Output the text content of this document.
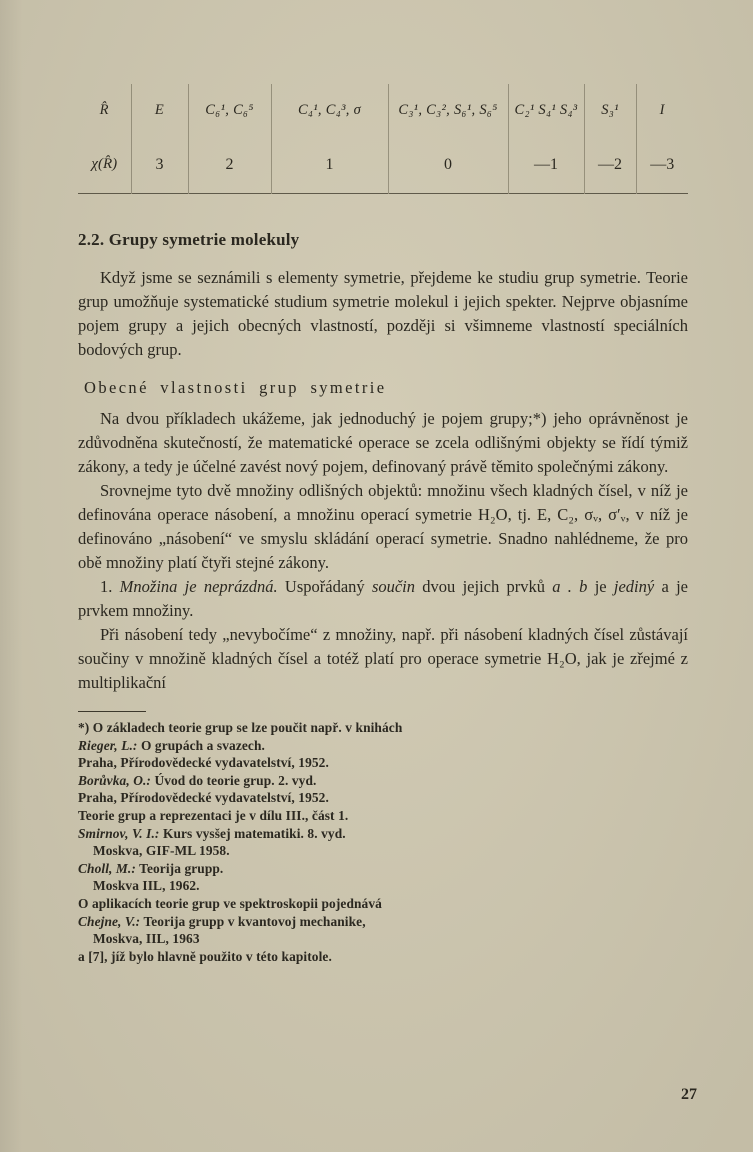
R̂	E	C₆¹, C₆⁵	C₄¹, C₄³, σ	C₃¹, C₃², S₆¹, S₆⁵	C₂¹ S₄¹ S₄³	S₃¹	I
χ(R̂)	3	2	1	0	—1	—2	—3
2.2. Grupy symetrie molekuly

Když jsme se seznámili s elementy symetrie, přejdeme ke studiu grup symetrie. Teorie grup umožňuje systematické studium symetrie molekul i jejich spekter. Nejprve objasníme pojem grupy a jejich obecných vlastností, později si všimneme vlastností speciálních bodových grup.

Obecné vlastnosti grup symetrie

Na dvou příkladech ukážeme, jak jednoduchý je pojem grupy;*) jeho oprávněnost je zdůvodněna skutečností, že matematické operace se zcela odlišnými objekty se řídí týmiž zákony, a tedy je účelné zavést nový pojem, definovaný právě těmito společnými zákony.

Srovnejme tyto dvě množiny odlišných objektů: množinu všech kladných čísel, v níž je definována operace násobení, a množinu operací symetrie H₂O, tj. E, C₂, σᵥ, σ′ᵥ, v níž je definováno „násobení“ ve smyslu skládání operací symetrie. Snadno nahlédneme, že pro obě množiny platí čtyři stejné zákony.

1. Množina je neprázdná. Uspořádaný součin dvou jejich prvků a . b je jediný a je prvkem množiny.

Při násobení tedy „nevybočíme“ z množiny, např. při násobení kladných čísel zůstávají součiny v množině kladných čísel a totéž platí pro operace symetrie H₂O, jak je zřejmé z multiplikační

*) O základech teorie grup se lze poučit např. v knihách
Rieger, L.: O grupách a svazech.
Praha, Přírodovědecké vydavatelství, 1952.
Borůvka, O.: Úvod do teorie grup. 2. vyd.
Praha, Přírodovědecké vydavatelství, 1952.
Teorie grup a reprezentaci je v dílu III., část 1.
Smirnov, V. I.: Kurs vysšej matematiki. 8. vyd.
Moskva, GIF-ML 1958.
Choll, M.: Teorija grupp.
Moskva IIL, 1962.
O aplikacích teorie grup ve spektroskopii pojednává
Chejne, V.: Teorija grupp v kvantovoj mechanike,
Moskva, IIL, 1963
a [7], jíž bylo hlavně použito v této kapitole.
27
